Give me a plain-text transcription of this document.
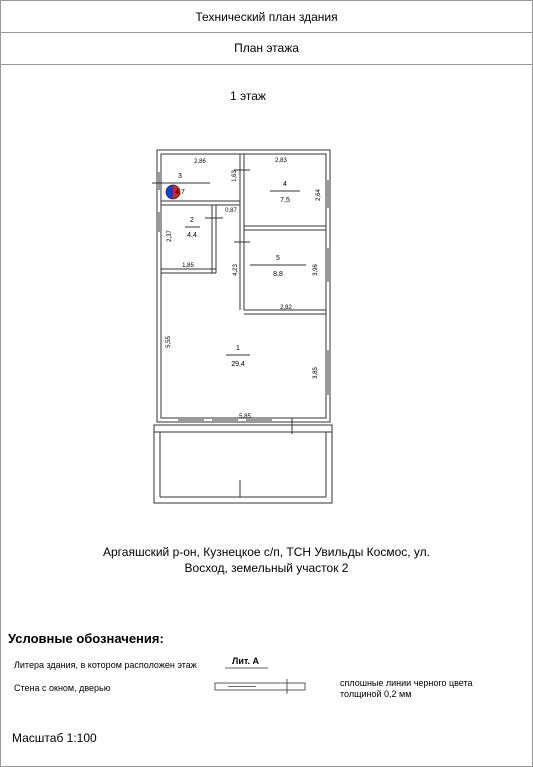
Технический план здания
План этажа
1 этаж
1
29,4
2
4,4
3
4,7
4
7,5
5
8,8
2,86	2,83
0,87
1,85
2,82
5,85
1,63
2,64
2,37
4,23	3,96
5,55
3,85
Аргаяшский р-он, Кузнецкое с/п, ТСН Увильды Космос, ул.
Восход, земельный участок 2
Условные обозначения:
Литера здания, в котором расположен этаж	Лит. А
Стена с окном, дверью	сплошные линии черного цвета
толщиной 0,2 мм
Масштаб 1:100
